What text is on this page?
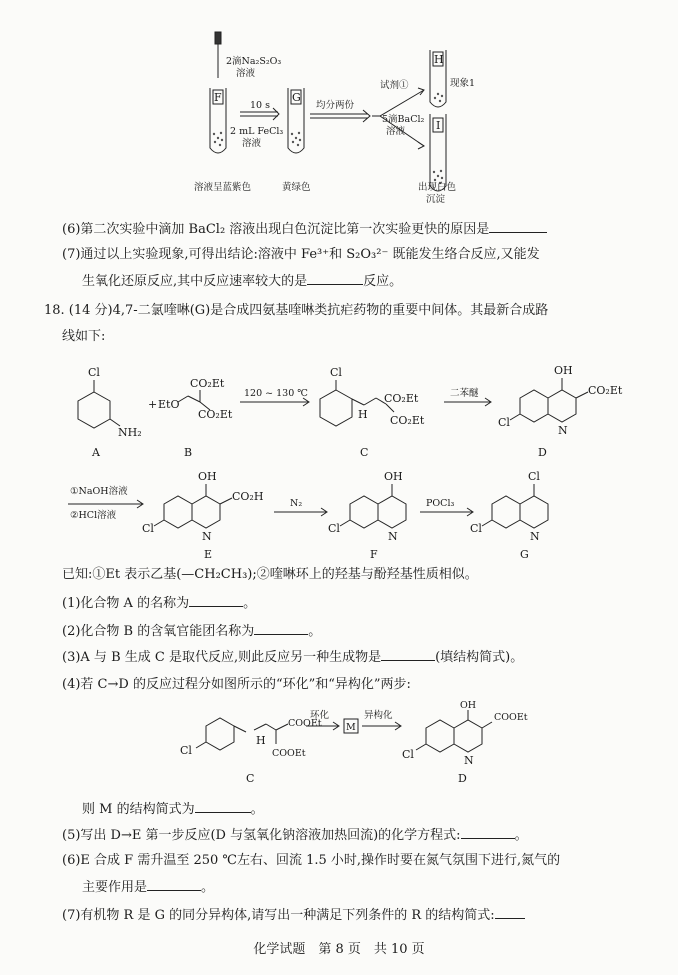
2滴Na₂S₂O₃
溶液
F	G
H
I
10 s
2 mL FeCl₃
溶液
均分两份
试剂①	现象1
5滴BaCl₂
溶液
溶液呈蓝紫色	黄绿色	出现白色
沉淀
(6)第二次实验中滴加 BaCl₂ 溶液出现白色沉淀比第一次实验更快的原因是
(7)通过以上实验现象,可得出结论:溶液中 Fe³⁺和 S₂O₃²⁻ 既能发生络合反应,又能发
生氧化还原反应,其中反应速率较大的是	反应。
18. (14 分)4,7-二氯喹啉(G)是合成四氨基喹啉类抗疟药物的重要中间体。其最新合成路
线如下:
Cl
NH₂
+ EtO
CO₂Et
CO₂Et
120 ~ 130 ℃
Cl
H
CO₂Et
CO₂Et
二苯醚
OH
CO₂Et
Cl
N
A	B	C	D
①NaOH溶液
②HCl溶液
OH
CO₂H
Cl
N
N₂
OH
Cl
N
POCl₃
Cl
Cl
N
E	F	G
已知:①Et 表示乙基(—CH₂CH₃);②喹啉环上的羟基与酚羟基性质相似。
(1)化合物 A 的名称为	。
(2)化合物 B 的含氧官能团名称为	。
(3)A 与 B 生成 C 是取代反应,则此反应另一种生成物是	(填结构简式)。
(4)若 C→D 的反应过程分如图所示的“环化”和“异构化”两步:
Cl
H
COOEt
COOEt
环化
M
异构化
OH
COOEt
Cl	N
C	D
则 M 的结构简式为	。
(5)写出 D→E 第一步反应(D 与氢氧化钠溶液加热回流)的化学方程式:	。
(6)E 合成 F 需升温至 250 ℃左右、回流 1.5 小时,操作时要在氮气氛围下进行,氮气的
主要作用是	。
(7)有机物 R 是 G 的同分异构体,请写出一种满足下列条件的 R 的结构简式:
化学试题　第 8 页　共 10 页
